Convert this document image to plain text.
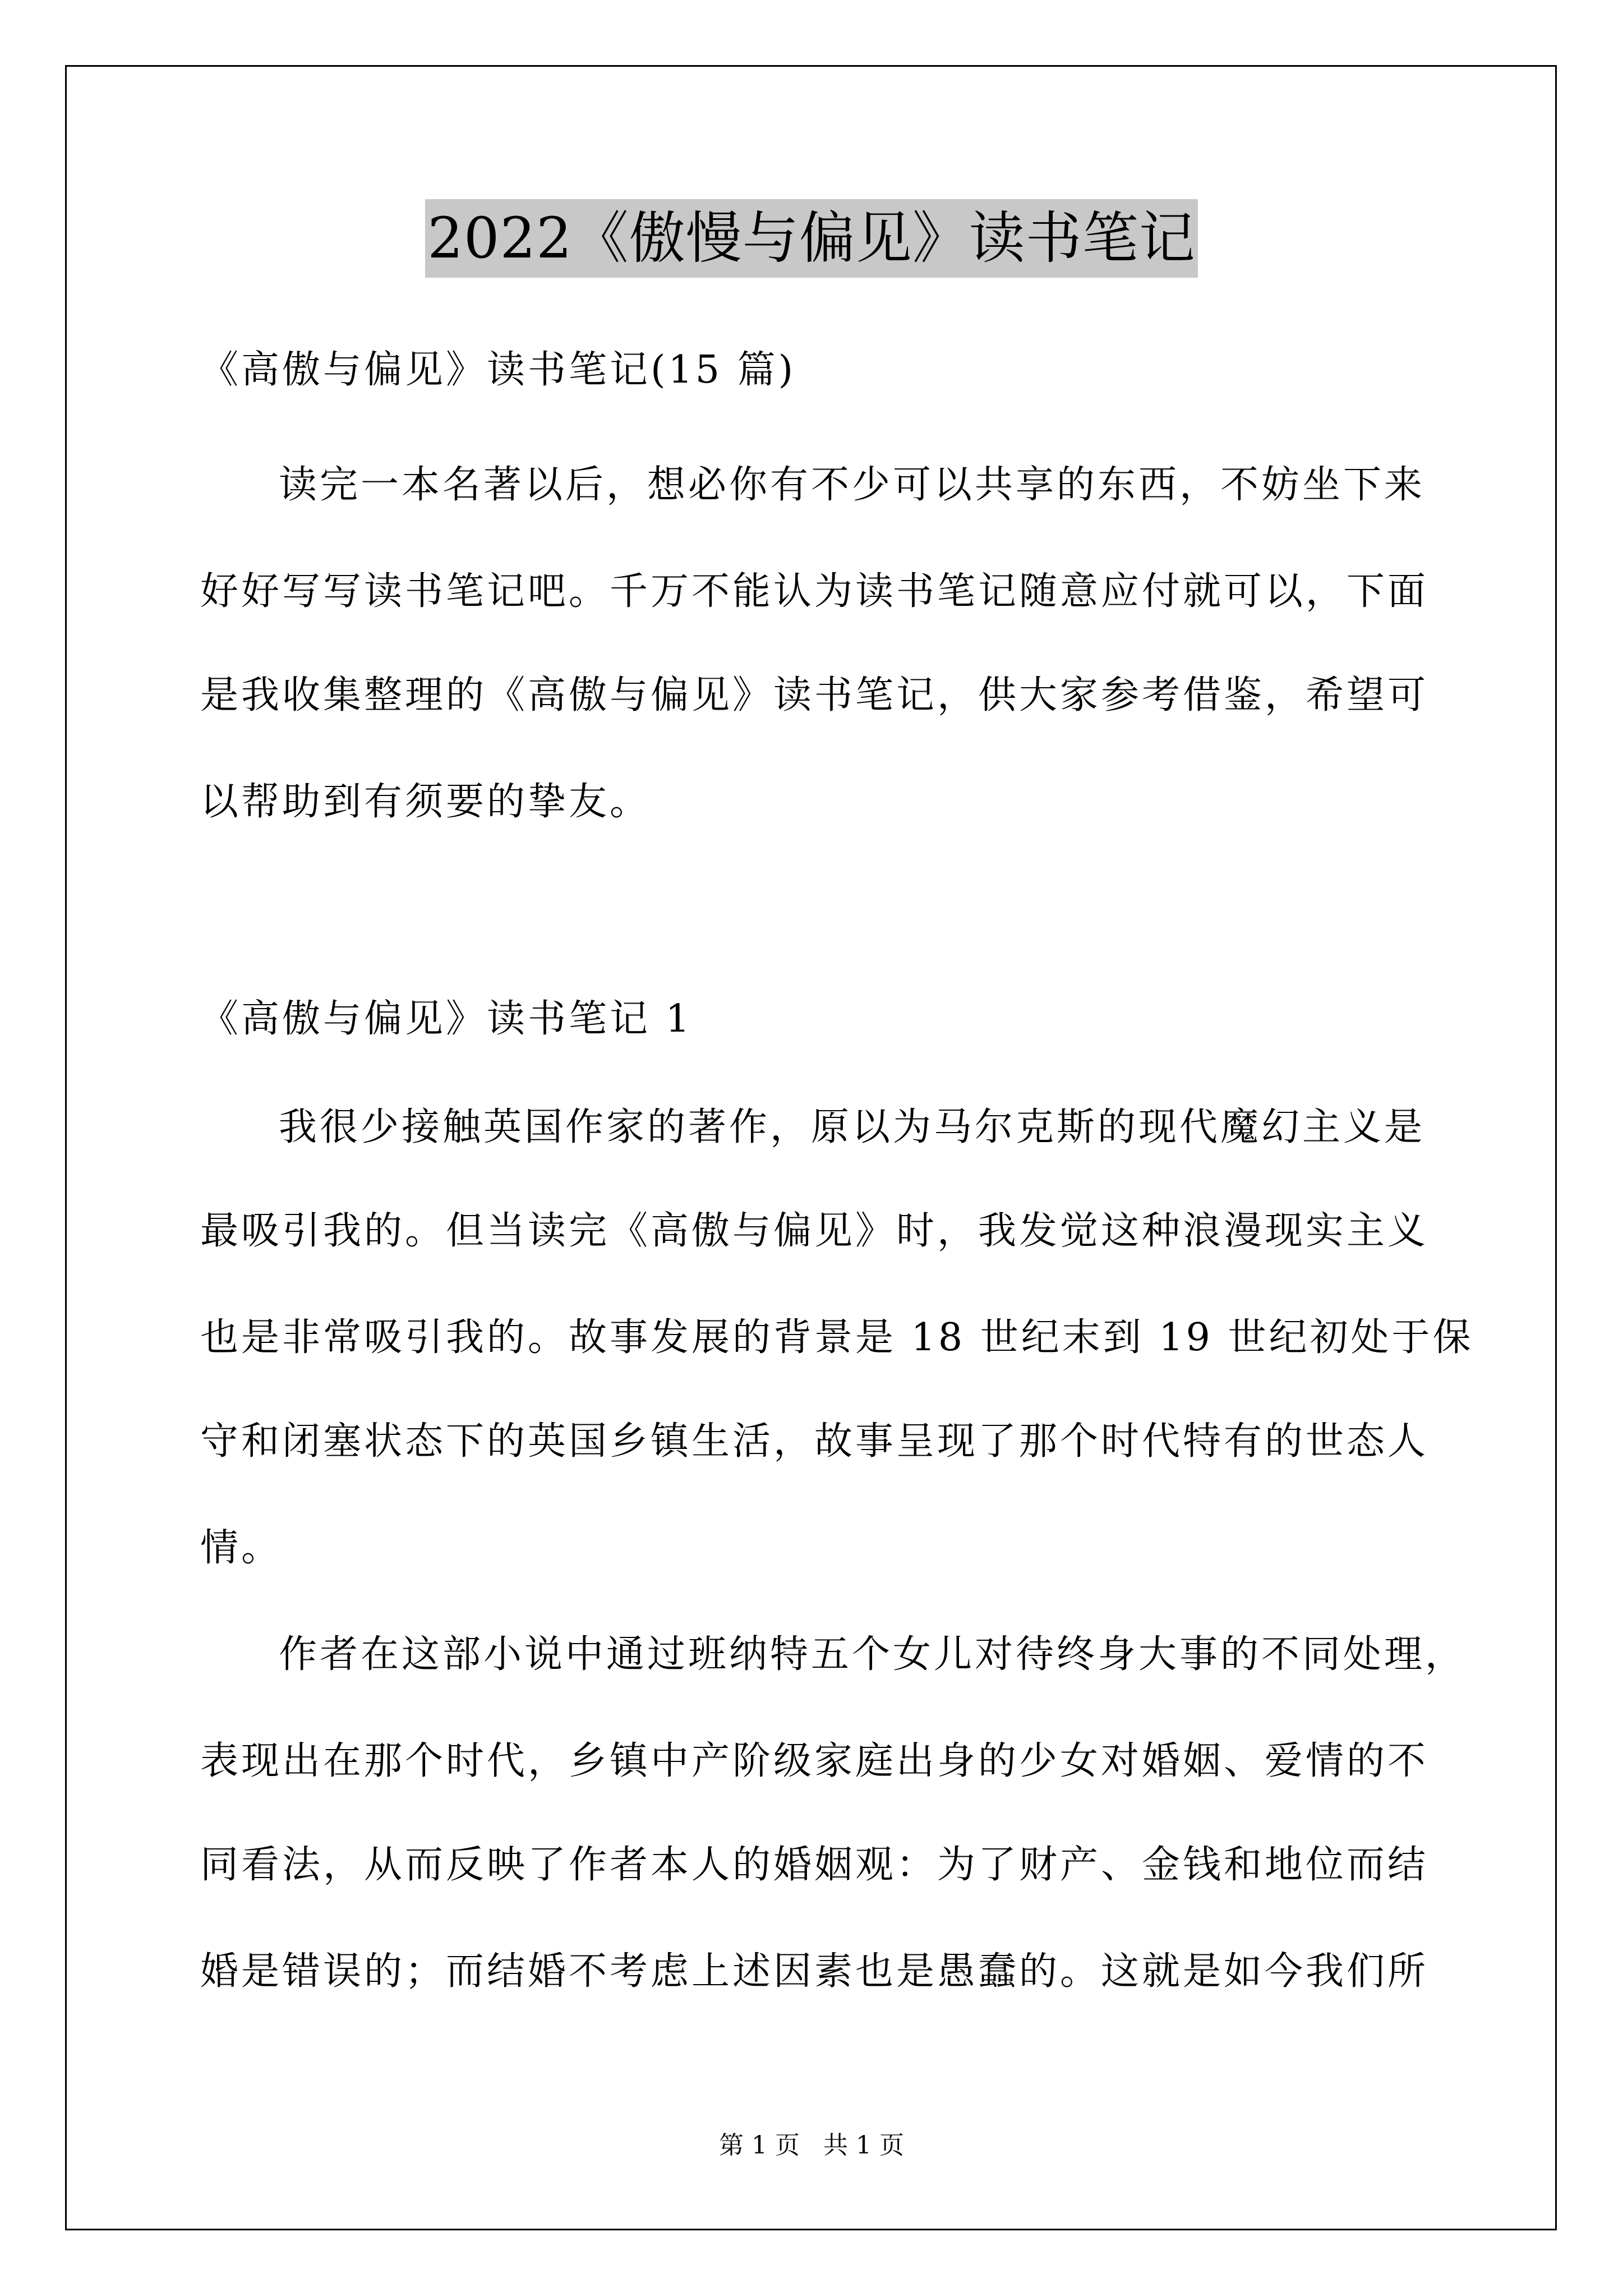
2022《傲慢与偏见》读书笔记
《高傲与偏见》读书笔记(15 篇)
读完一本名著以后，想必你有不少可以共享的东西，不妨坐下来
好好写写读书笔记吧。千万不能认为读书笔记随意应付就可以，下面
是我收集整理的《高傲与偏见》读书笔记，供大家参考借鉴，希望可
以帮助到有须要的挚友。
《高傲与偏见》读书笔记 1
我很少接触英国作家的著作，原以为马尔克斯的现代魔幻主义是
最吸引我的。但当读完《高傲与偏见》时，我发觉这种浪漫现实主义
也是非常吸引我的。故事发展的背景是 18 世纪末到 19 世纪初处于保
守和闭塞状态下的英国乡镇生活，故事呈现了那个时代特有的世态人
情。
作者在这部小说中通过班纳特五个女儿对待终身大事的不同处理，
表现出在那个时代，乡镇中产阶级家庭出身的少女对婚姻、爱情的不
同看法，从而反映了作者本人的婚姻观：为了财产、金钱和地位而结
婚是错误的；而结婚不考虑上述因素也是愚蠢的。这就是如今我们所
第 1 页   共 1 页
